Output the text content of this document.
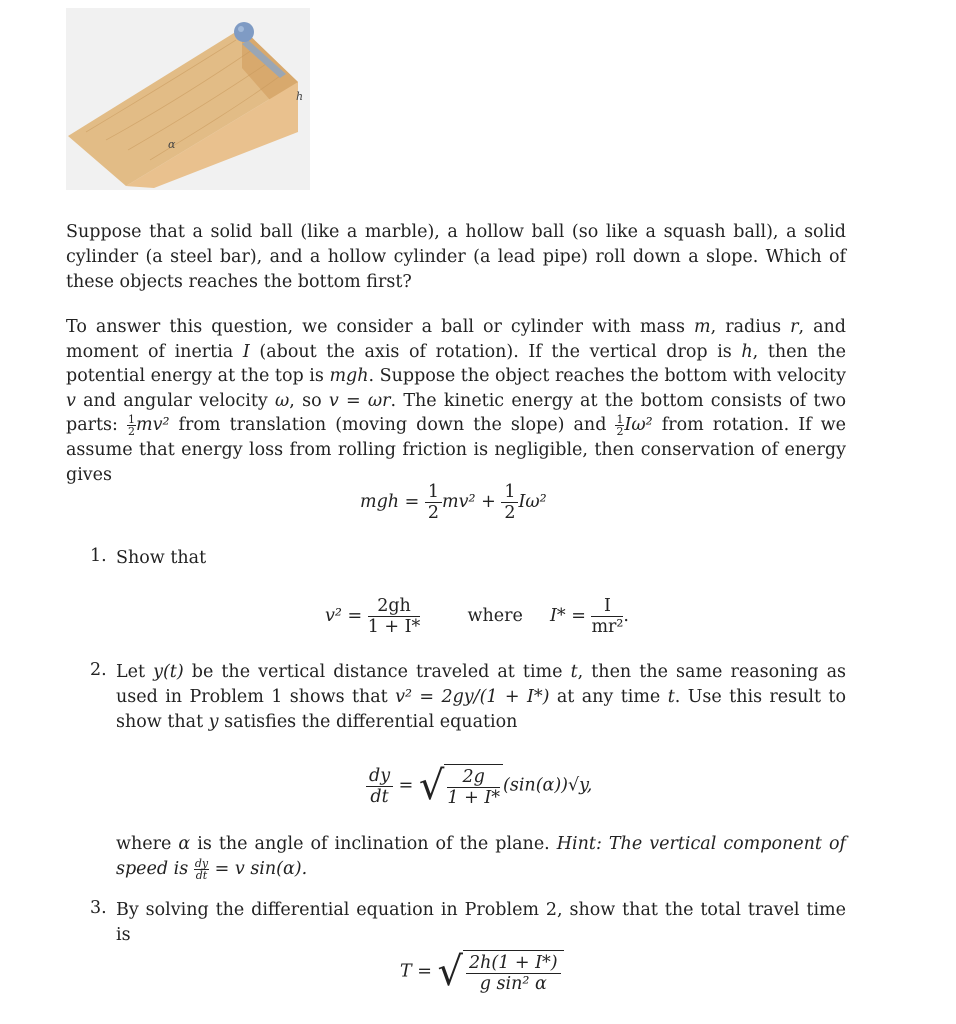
h
α
Suppose that a solid ball (like a marble), a hollow ball (so like a squash ball), a solid cylinder (a steel bar), and a hollow cylinder (a lead pipe) roll down a slope. Which of these objects reaches the bottom first?
To answer this question, we consider a ball or cylinder with mass m, radius r, and moment of inertia I (about the axis of rotation). If the vertical drop is h, then the potential energy at the top is mgh. Suppose the object reaches the bottom with velocity v and angular velocity ω, so v = ωr. The kinetic energy at the bottom consists of two parts: $\frac{1}{2} mv^2$ from translation (moving down the slope) and $\frac{1}{2} I\omega^2$ from rotation. If we assume that energy loss from rolling friction is negligible, then conservation of energy gives
mgh = $\frac{1}{2} mv^2 + \frac{1}{2} I\omega^2$
1. Show that
$v^2 = \frac{2gh}{1 + I*}$	where $I* = \frac{I}{\text{mr²}}$ .
2. Let y(t) be the vertical distance traveled at time t, then the same reasoning as used in Problem 1 shows that v² = 2gy/(1 + I*) at any time t. Use this result to show that y satisfies the differential equation
$\frac{dy}{dt}$ = √ $\frac{2g}{1 + I*} (\sin(\alpha))√y$,
where α is the angle of inclination of the plane. Hint: The vertical component of speed is $\frac{dy}{dt} = v$ sin(α).
3. By solving the differential equation in Problem 2, show that the total travel time is
T = √ $\frac{2h(1 + I*)}{\text{g sin² α}}$
